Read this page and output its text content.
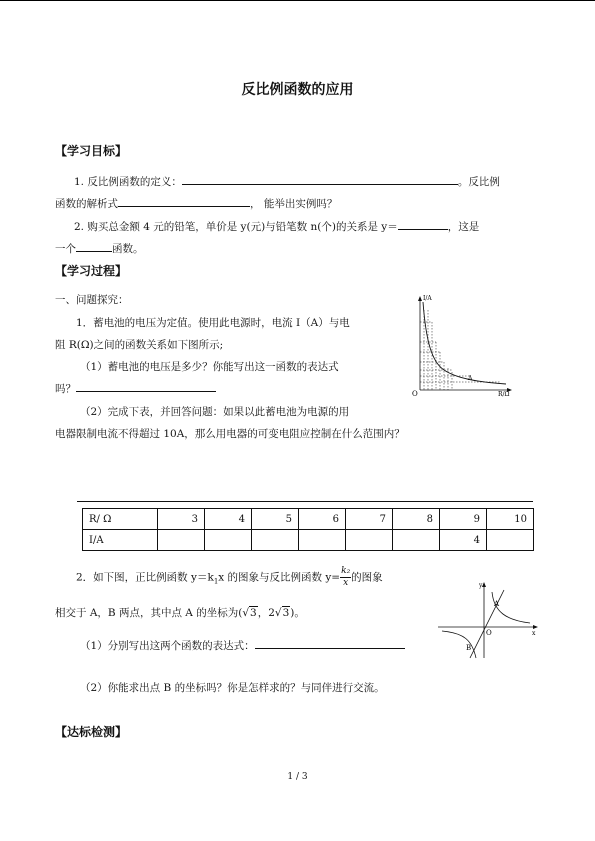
反比例函数的应用
【学习目标】
1. 反比例函数的定义：	。反比例
函数的解析式	， 能举出实例吗？
2. 购买总金额 4 元的铅笔，单价是 y(元)与铅笔数 n(个)的关系是 y＝	，这是
一个	函数。
【学习过程】
一、问题探究：
1．蓄电池的电压为定值。使用此电源时，电流 I（A）与电
阻 R(Ω)之间的函数关系如下图所示;
（1）蓄电池的电压是多少？你能写出这一函数的表达式
吗？
（2）完成下表，并回答问题：如果以此蓄电池为电源的用
电器限制电流不得超过 10A，那么用电器的可变电阻应控制在什么范围内？
I/A
O	R/Ω
A
R/ Ω	3	4	5	6	7	8	9	10
I/A							4	
2．如下图，正比例函数 $y=k_1x$ 的图象与反比例函数 $y= \frac{\text{k₂}}{x}$的图象
相交于 A，B 两点，其中点 A 的坐标为(√3，2√3)。
（1）分别写出这两个函数的表达式：
（2）你能求出点 B 的坐标吗？你是怎样求的？与同伴进行交流。
y
x
O
A
B
【达标检测】
1 / 3
